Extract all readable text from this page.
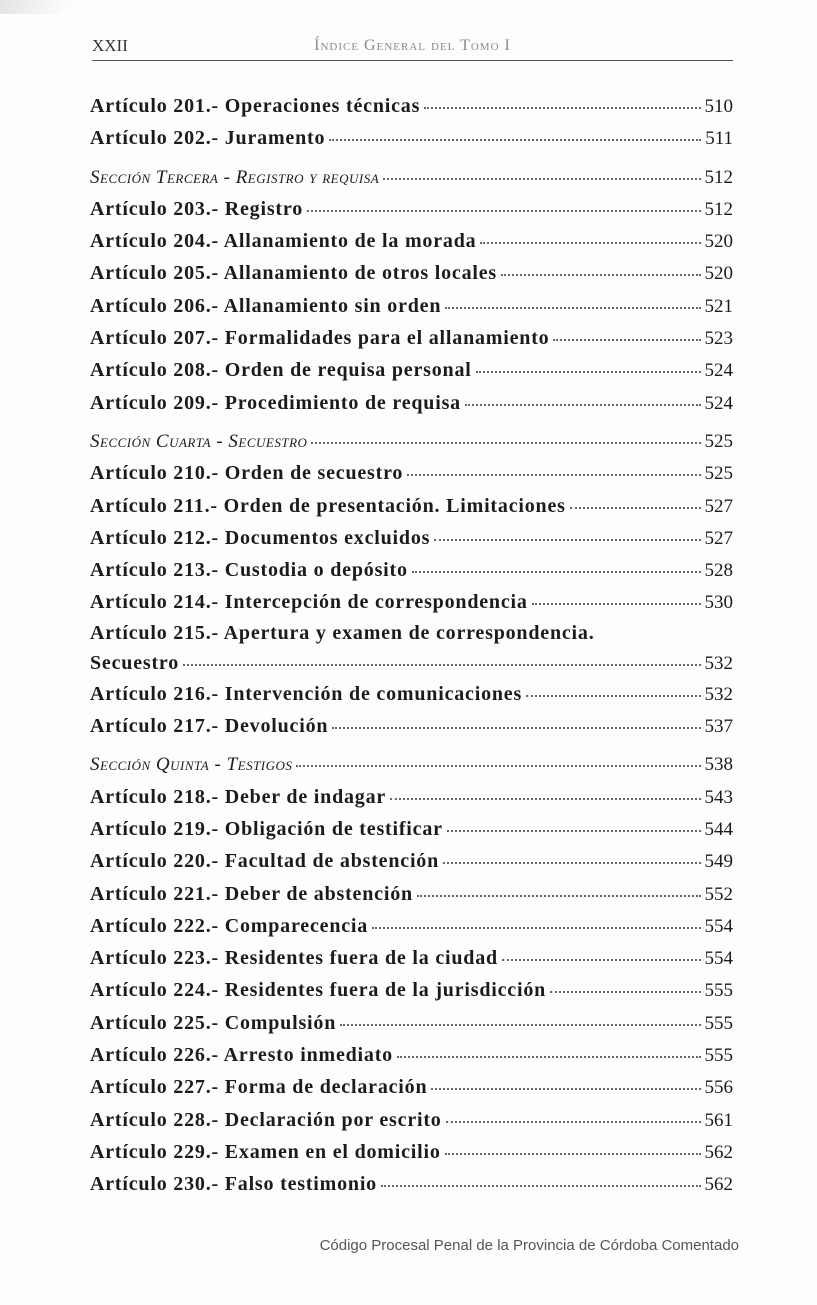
XXII	Índice General del Tomo I
Artículo 201.- Operaciones técnicas	510
Artículo 202.- Juramento	511
Sección Tercera - Registro y requisa	512
Artículo 203.- Registro	512
Artículo 204.- Allanamiento de la morada	520
Artículo 205.- Allanamiento de otros locales	520
Artículo 206.- Allanamiento sin orden	521
Artículo 207.- Formalidades para el allanamiento	523
Artículo 208.- Orden de requisa personal	524
Artículo 209.- Procedimiento de requisa	524
Sección Cuarta - Secuestro	525
Artículo 210.- Orden de secuestro	525
Artículo 211.- Orden de presentación. Limitaciones	527
Artículo 212.- Documentos excluidos	527
Artículo 213.- Custodia o depósito	528
Artículo 214.- Intercepción de correspondencia	530
Artículo 215.- Apertura y examen de correspondencia.
Secuestro	532
Artículo 216.- Intervención de comunicaciones	532
Artículo 217.- Devolución	537
Sección Quinta - Testigos	538
Artículo 218.- Deber de indagar	543
Artículo 219.- Obligación de testificar	544
Artículo 220.- Facultad de abstención	549
Artículo 221.- Deber de abstención	552
Artículo 222.- Comparecencia	554
Artículo 223.- Residentes fuera de la ciudad	554
Artículo 224.- Residentes fuera de la jurisdicción	555
Artículo 225.- Compulsión	555
Artículo 226.- Arresto inmediato	555
Artículo 227.- Forma de declaración	556
Artículo 228.- Declaración por escrito	561
Artículo 229.- Examen en el domicilio	562
Artículo 230.- Falso testimonio	562
Código Procesal Penal de la Provincia de Córdoba Comentado
